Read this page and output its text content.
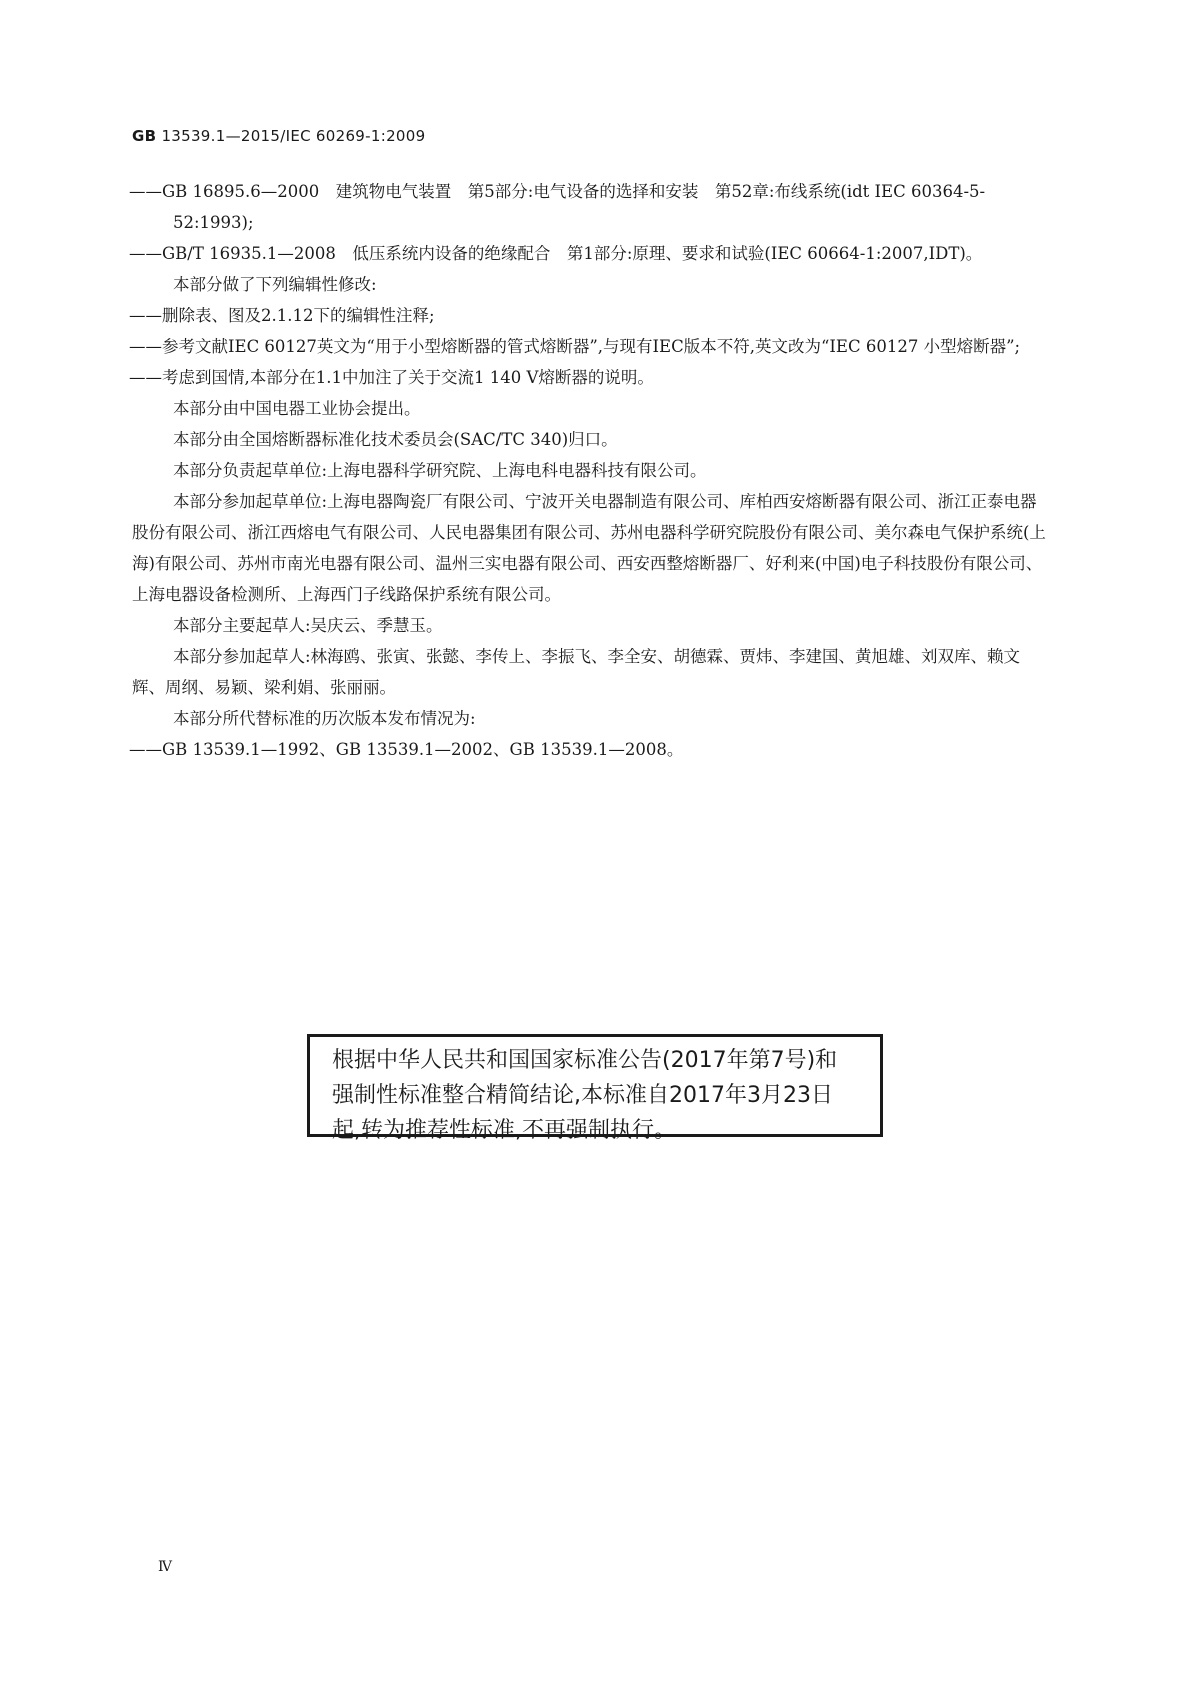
GB 13539.1—2015/IEC 60269-1:2009

——GB 16895.6—2000　建筑物电气装置　第5部分:电气设备的选择和安装　第52章:布线系统(idt IEC 60364-5-52:1993);

——GB/T 16935.1—2008　低压系统内设备的绝缘配合　第1部分:原理、要求和试验(IEC 60664-1:2007,IDT)。

本部分做了下列编辑性修改:

——删除表、图及2.1.12下的编辑性注释;

——参考文献IEC 60127英文为“用于小型熔断器的管式熔断器”,与现有IEC版本不符,英文改为“IEC 60127 小型熔断器”;

——考虑到国情,本部分在1.1中加注了关于交流1 140 V熔断器的说明。

本部分由中国电器工业协会提出。

本部分由全国熔断器标准化技术委员会(SAC/TC 340)归口。

本部分负责起草单位:上海电器科学研究院、上海电科电器科技有限公司。

本部分参加起草单位:上海电器陶瓷厂有限公司、宁波开关电器制造有限公司、库柏西安熔断器有限公司、浙江正泰电器股份有限公司、浙江西熔电气有限公司、人民电器集团有限公司、苏州电器科学研究院股份有限公司、美尔森电气保护系统(上海)有限公司、苏州市南光电器有限公司、温州三实电器有限公司、西安西整熔断器厂、好利来(中国)电子科技股份有限公司、上海电器设备检测所、上海西门子线路保护系统有限公司。

本部分主要起草人:吴庆云、季慧玉。

本部分参加起草人:林海鸥、张寅、张懿、李传上、李振飞、李全安、胡德霖、贾炜、李建国、黄旭雄、刘双库、赖文辉、周纲、易颖、梁利娟、张丽丽。

本部分所代替标准的历次版本发布情况为:

——GB 13539.1—1992、GB 13539.1—2002、GB 13539.1—2008。

根据中华人民共和国国家标准公告(2017年第7号)和强制性标准整合精简结论,本标准自2017年3月23日起,转为推荐性标准,不再强制执行。
Ⅳ
